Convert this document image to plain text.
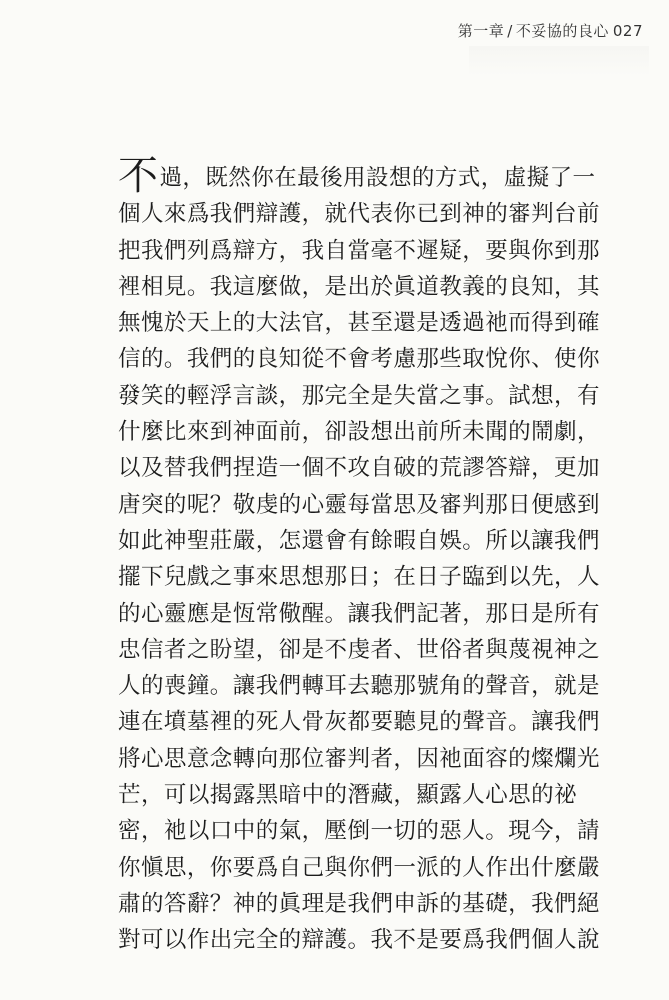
第一章 / 不妥協的良心 027
不過，既然你在最後用設想的方式，虛擬了一
個人來爲我們辯護，就代表你已到神的審判台前
把我們列爲辯方，我自當毫不遲疑，要與你到那
裡相見。我這麼做，是出於眞道教義的良知，其
無愧於天上的大法官，甚至還是透過祂而得到確
信的。我們的良知從不會考慮那些取悅你、使你
發笑的輕浮言談，那完全是失當之事。試想，有
什麼比來到神面前，卻設想出前所未聞的鬧劇，
以及替我們捏造一個不攻自破的荒謬答辯，更加
唐突的呢？敬虔的心靈每當思及審判那日便感到
如此神聖莊嚴，怎還會有餘暇自娛。所以讓我們
擺下兒戲之事來思想那日；在日子臨到以先，人
的心靈應是恆常儆醒。讓我們記著，那日是所有
忠信者之盼望，卻是不虔者、世俗者與蔑視神之
人的喪鐘。讓我們轉耳去聽那號角的聲音，就是
連在墳墓裡的死人骨灰都要聽見的聲音。讓我們
將心思意念轉向那位審判者，因祂面容的燦爛光
芒，可以揭露黑暗中的潛藏，顯露人心思的祕
密，祂以口中的氣，壓倒一切的惡人。現今，請
你愼思，你要爲自己與你們一派的人作出什麼嚴
肅的答辭？神的眞理是我們申訴的基礎，我們絕
對可以作出完全的辯護。我不是要爲我們個人說
